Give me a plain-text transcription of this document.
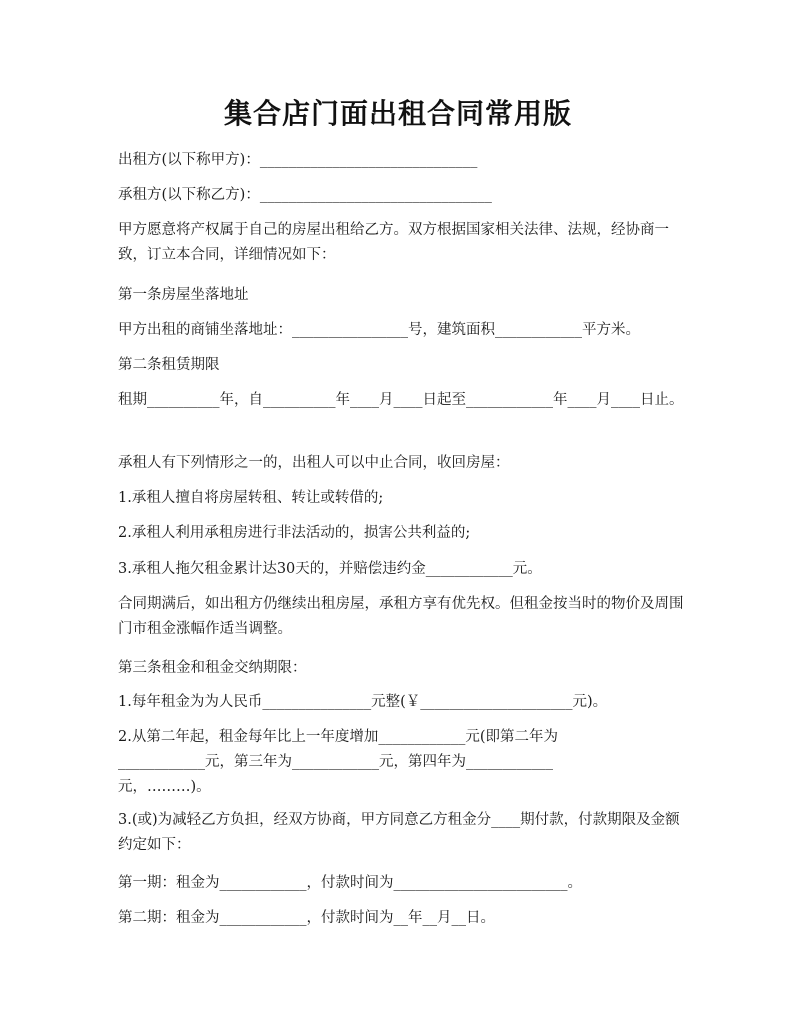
集合店门面出租合同常用版
出租方(以下称甲方)：______________________________
承租方(以下称乙方)：________________________________
甲方愿意将产权属于自己的房屋出租给乙方。双方根据国家相关法律、法规，经协商一致，订立本合同，详细情况如下：
第一条房屋坐落地址
甲方出租的商铺坐落地址：________________号，建筑面积____________平方米。
第二条租赁期限
租期__________年，自__________年____月____日起至____________年____月____日止。
承租人有下列情形之一的，出租人可以中止合同，收回房屋：
1.承租人擅自将房屋转租、转让或转借的;
2.承租人利用承租房进行非法活动的，损害公共利益的;
3.承租人拖欠租金累计达30天的，并赔偿违约金____________元。
合同期满后，如出租方仍继续出租房屋，承租方享有优先权。但租金按当时的物价及周围门市租金涨幅作适当调整。
第三条租金和租金交纳期限：
1.每年租金为为人民币_______________元整(￥_____________________元)。
2.从第二年起，租金每年比上一年度增加____________元(即第二年为
____________元，第三年为____________元，第四年为____________
元，………)。
3.(或)为减轻乙方负担，经双方协商，甲方同意乙方租金分____期付款，付款期限及金额约定如下：
第一期：租金为____________，付款时间为________________________。
第二期：租金为____________，付款时间为__年__月__日。
